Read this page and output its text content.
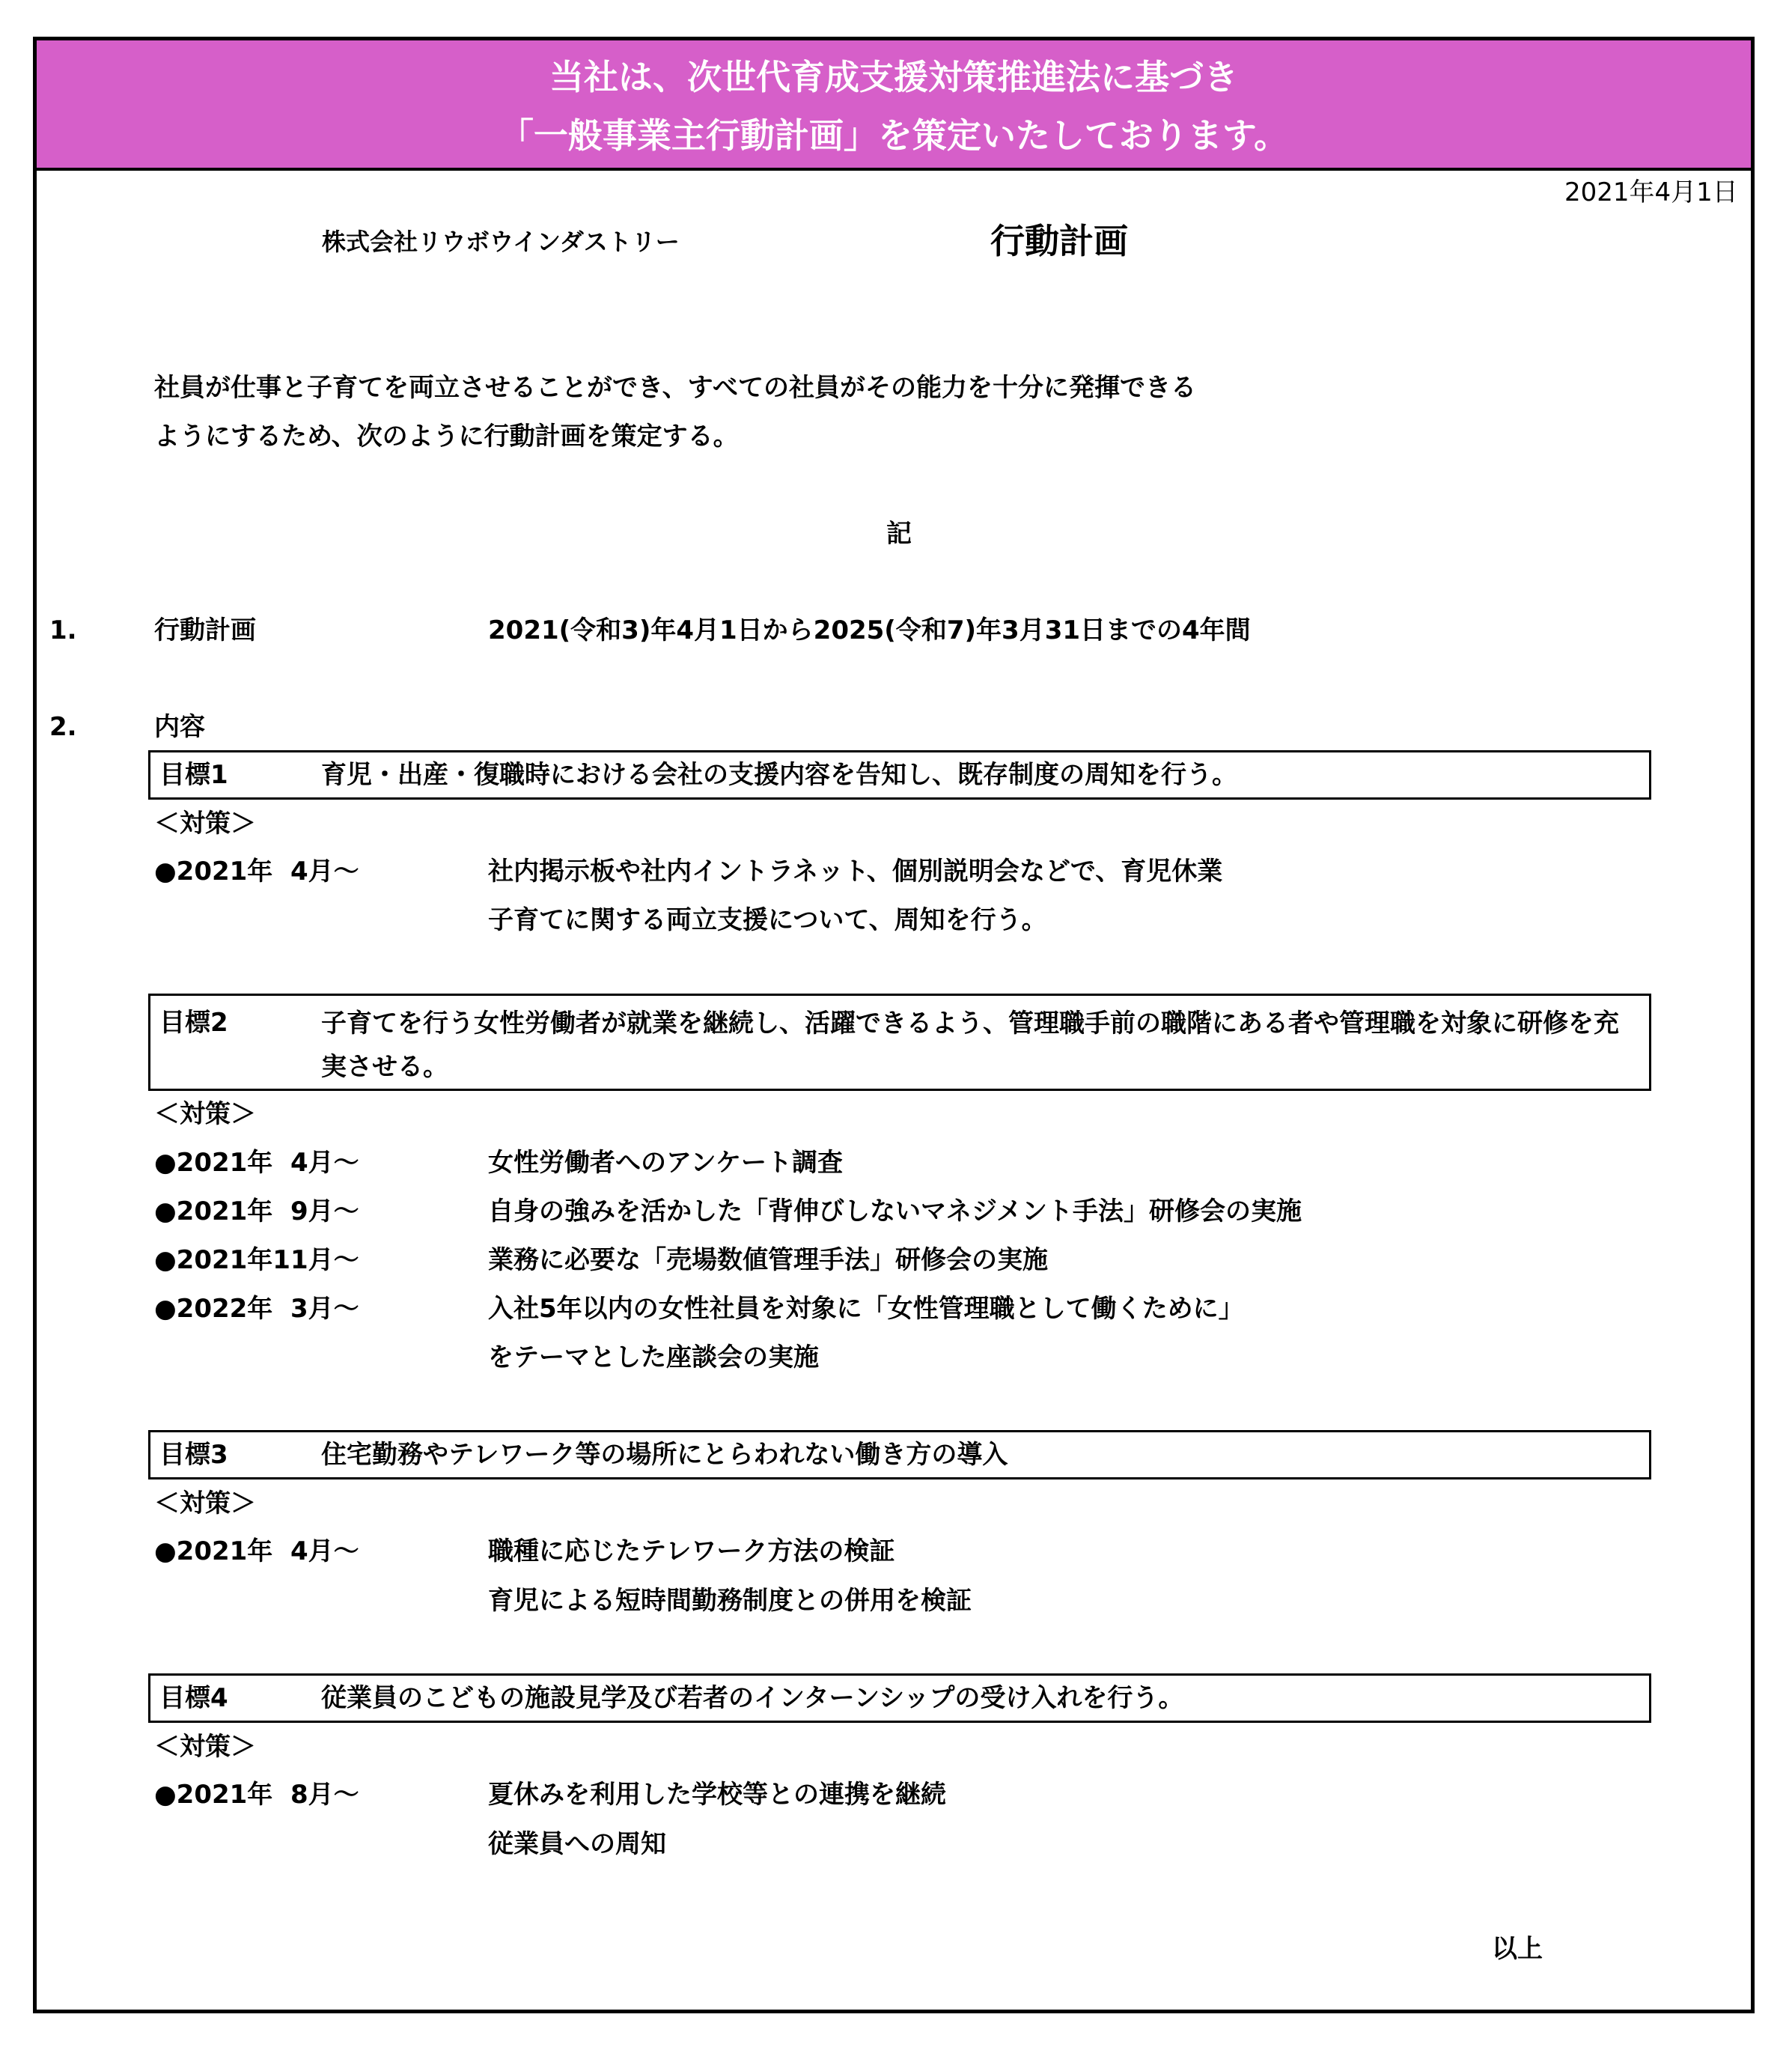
当社は、次世代育成支援対策推進法に基づき
「一般事業主行動計画」を策定いたしております。
2021年4月1日
株式会社リウボウインダストリー	行動計画
社員が仕事と子育てを両立させることができ、すべての社員がその能力を十分に発揮できる
ようにするため、次のように行動計画を策定する。
記
1.	行動計画	2021(令和3)年4月1日から2025(令和7)年3月31日までの4年間
2.	内容
目標1	育児・出産・復職時における会社の支援内容を告知し、既存制度の周知を行う。
＜対策＞
●2021年  4月～	社内掲示板や社内イントラネット、個別説明会などで、育児休業
子育てに関する両立支援について、周知を行う。
目標2	子育てを行う女性労働者が就業を継続し、活躍できるよう、管理職手前の職階にある者や管理職を対象に研修を充実させる。
＜対策＞
●2021年  4月～	女性労働者へのアンケート調査
●2021年  9月～	自身の強みを活かした「背伸びしないマネジメント手法」研修会の実施
●2021年11月～	業務に必要な「売場数値管理手法」研修会の実施
●2022年  3月～	入社5年以内の女性社員を対象に「女性管理職として働くために」
をテーマとした座談会の実施
目標3	住宅勤務やテレワーク等の場所にとらわれない働き方の導入
＜対策＞
●2021年  4月～	職種に応じたテレワーク方法の検証
育児による短時間勤務制度との併用を検証
目標4	従業員のこどもの施設見学及び若者のインターンシップの受け入れを行う。
＜対策＞
●2021年  8月～	夏休みを利用した学校等との連携を継続
従業員への周知
以上
